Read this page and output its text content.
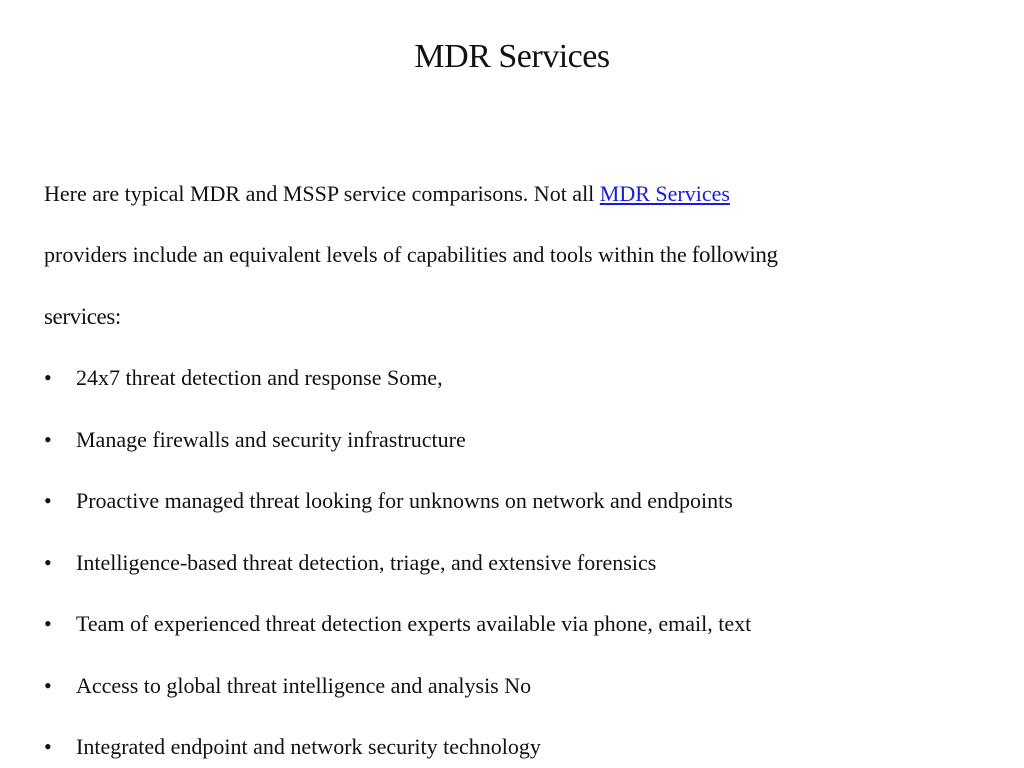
MDR Services
Here are typical MDR and MSSP service comparisons. Not all MDR Services
providers include an equivalent levels of capabilities and tools within the following
services:
•	24x7 threat detection and response Some,
•	Manage firewalls and security infrastructure
•	Proactive managed threat looking for unknowns on network and endpoints
•	Intelligence-based threat detection, triage, and extensive forensics
•	Team of experienced threat detection experts available via phone, email, text
•	Access to global threat intelligence and analysis No
•	Integrated endpoint and network security technology
